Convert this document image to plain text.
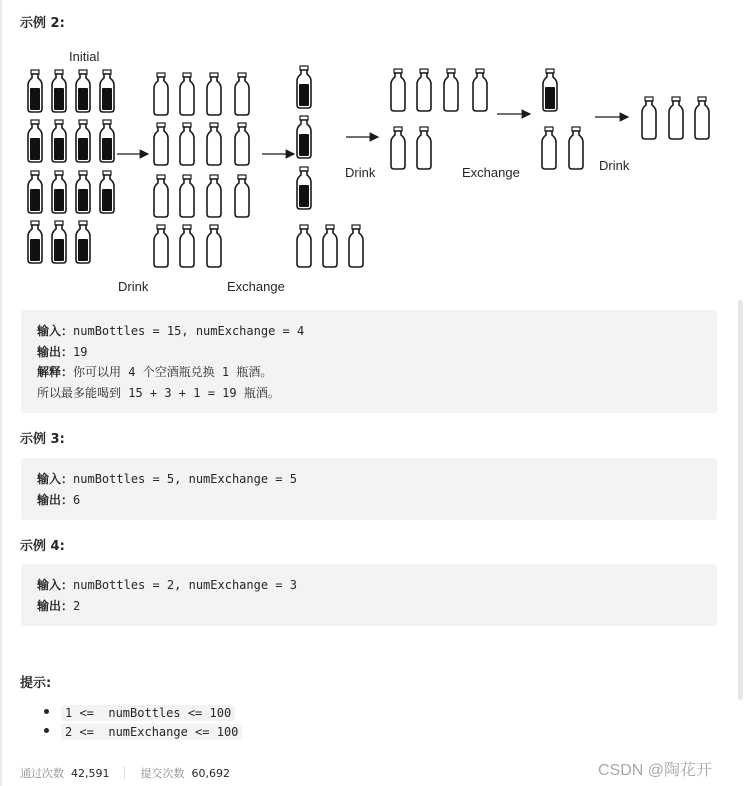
示例 2:
Initial
Drink	Exchange
Drink	Exchange	Drink
输入：numBottles = 15, numExchange = 4
输出：19
解释：你可以用 4 个空酒瓶兑换 1 瓶酒。
所以最多能喝到 15 + 3 + 1 = 19 瓶酒。
示例 3:
输入：numBottles = 5, numExchange = 5
输出：6
示例 4:
输入：numBottles = 2, numExchange = 3
输出：2
提示:
1 <=  numBottles <= 100
2 <=  numExchange <= 100
通过次数 42,591	提交次数 60,692	CSDN @陶花开
